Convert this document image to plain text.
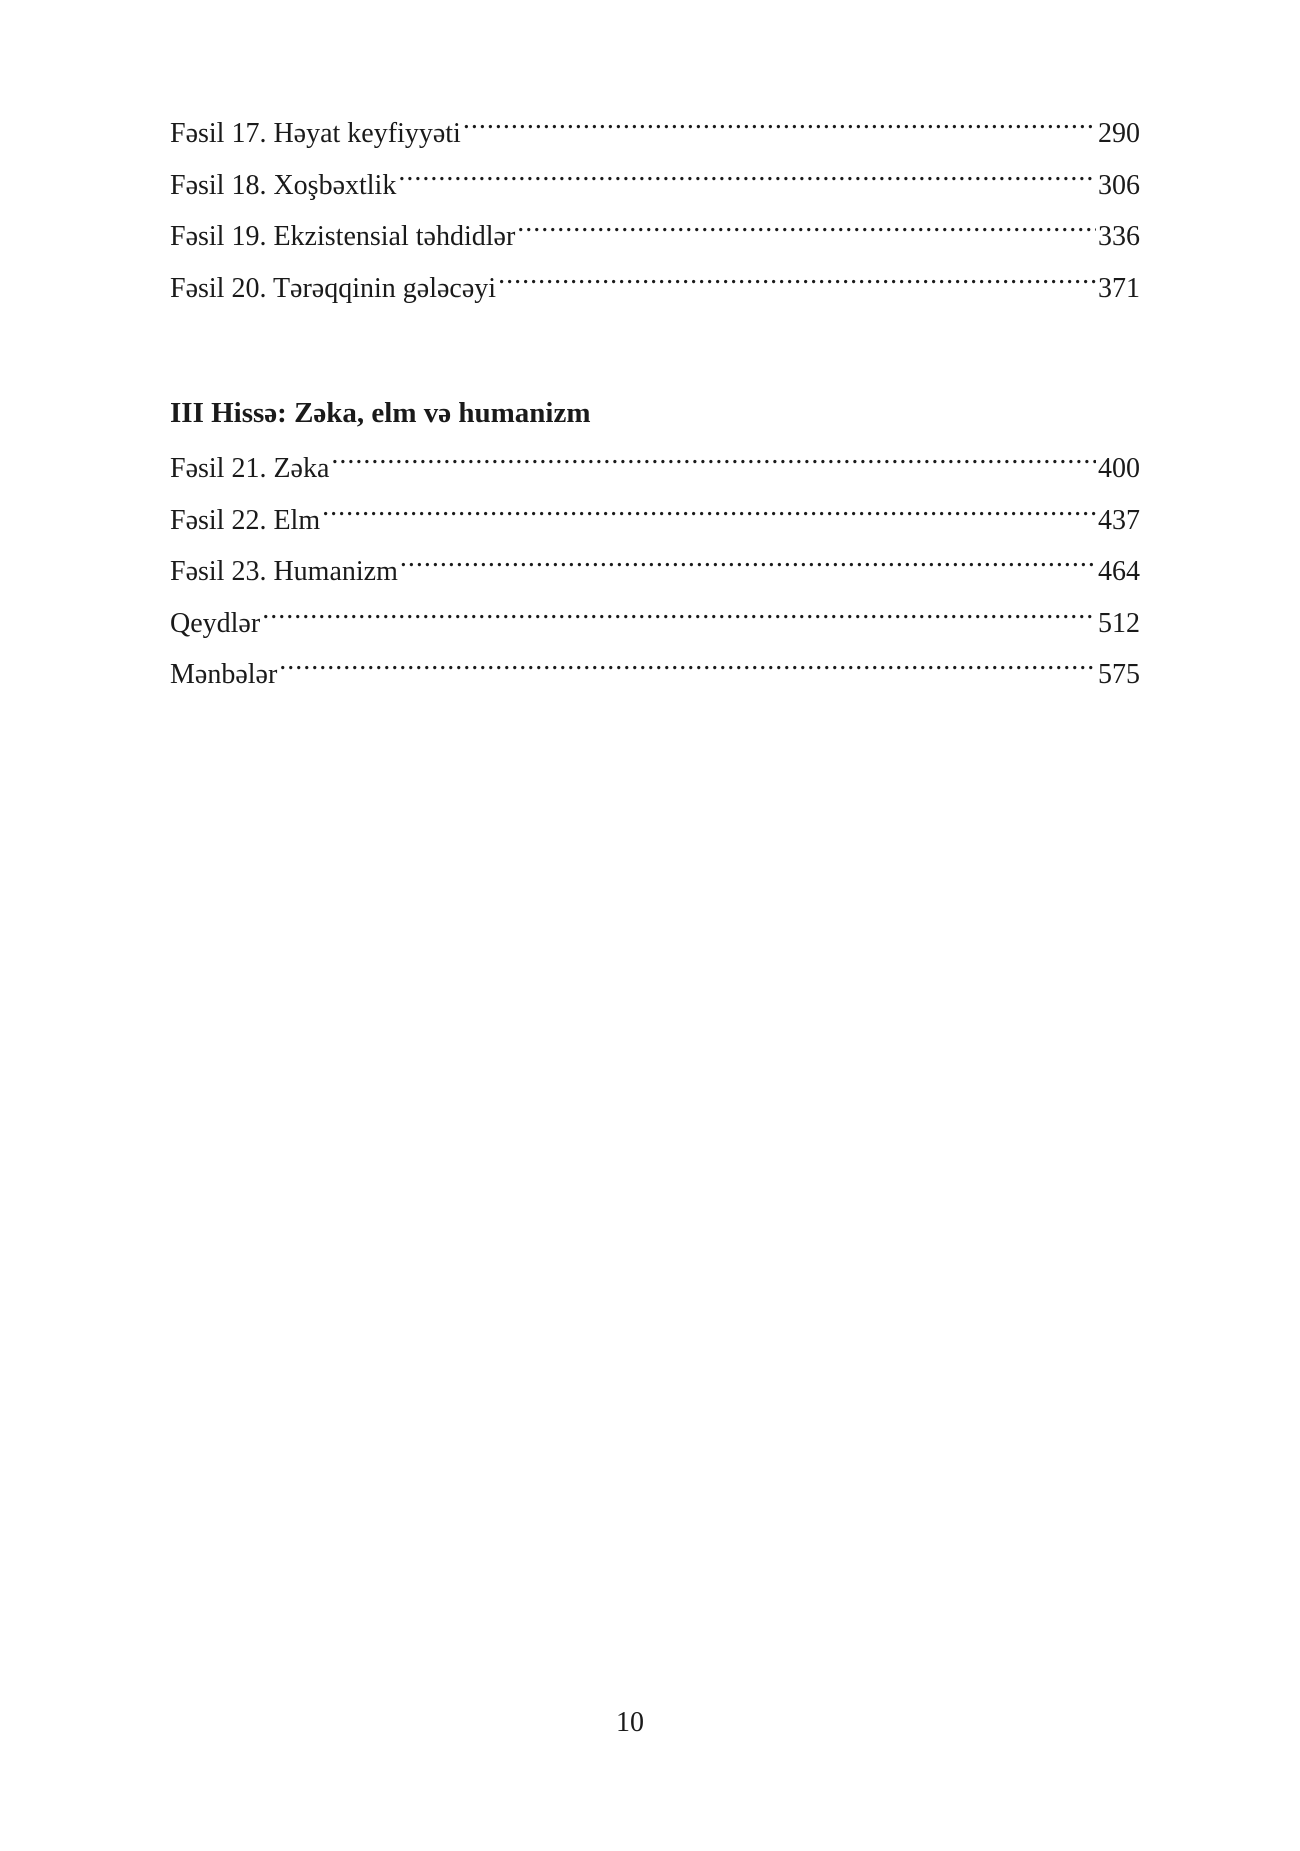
Fəsil 17. Həyat keyfiyyəti .....	290
Fəsil 18. Xoşbəxtlik .....	306
Fəsil 19. Ekzistensial təhdidlər .....	336
Fəsil 20. Tərəqqinin gələcəyi .....	371
III Hissə: Zəka, elm və humanizm
Fəsil 21. Zəka .....	400
Fəsil 22. Elm .....	437
Fəsil 23. Humanizm .....	464
Qeydlər .....	512
Mənbələr .....	575
10
